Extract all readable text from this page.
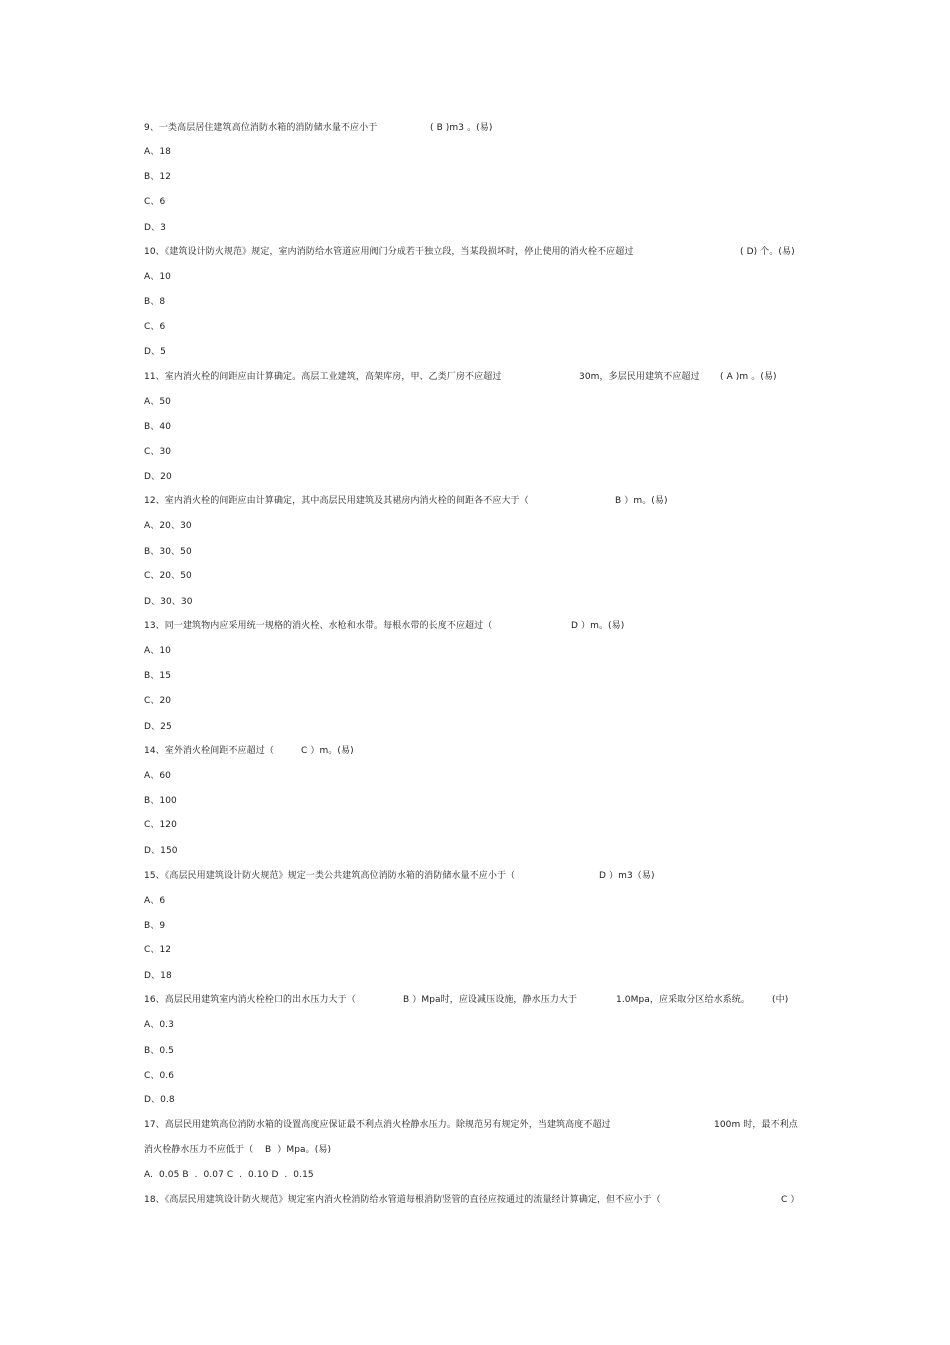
9、一类高层居住建筑高位消防水箱的消防储水量不应小于

	( B )m3 。(易)

A、18
B、12
C、6
D、3

10、《建筑设计防火规范》规定，室内消防给水管道应用阀门分成若干独立段，当某段损坏时，停止使用的消火栓不应超过

	( D) 个。(易)

A、10
B、8
C、6
D、5

11、室内消火栓的间距应由计算确定。高层工业建筑，高架库房，甲、乙类厂房不应超过

	30m，多层民用建筑不应超过

( A )m 。(易)

A、50
B、40
C、30
D、20

12、室内消火栓的间距应由计算确定，其中高层民用建筑及其裙房内消火栓的间距各不应大于（

	B ）m。(易)

A、20、30
B、30、50
C、20、50
D、30、30

13、同一建筑物内应采用统一规格的消火栓、水枪和水带。每根水带的长度不应超过（

	D ）m。(易)

A、10
B、15
C、20
D、25

14、室外消火栓间距不应超过（

	C ）m。(易)

A、60
B、100
C、120
D、150

15、《高层民用建筑设计防火规范》规定一类公共建筑高位消防水箱的消防储水量不应小于（

	D ）m3（易)

A、6
B、9
C、12
D、18

16、高层民用建筑室内消火栓栓口的出水压力大于（

	B ）Mpa时，应设减压设施，静水压力大于

	1.0Mpa，应采取分区给水系统。

(中)

A、0.3
B、0.5
C、0.6
D、0.8

17、高层民用建筑高位消防水箱的设置高度应保证最不利点消火栓静水压力。除规范另有规定外，当建筑高度不超过

	100m 时，最不利点

消火栓静水压力不应低于（    B  ）Mpa。(易)
A.  0.05 B  .  0.07 C  .  0.10 D  .  0.15

18、《高层民用建筑设计防火规范》规定室内消火栓消防给水管道每根消防竖管的直径应按通过的流量经计算确定，但不应小于（

	C ）
